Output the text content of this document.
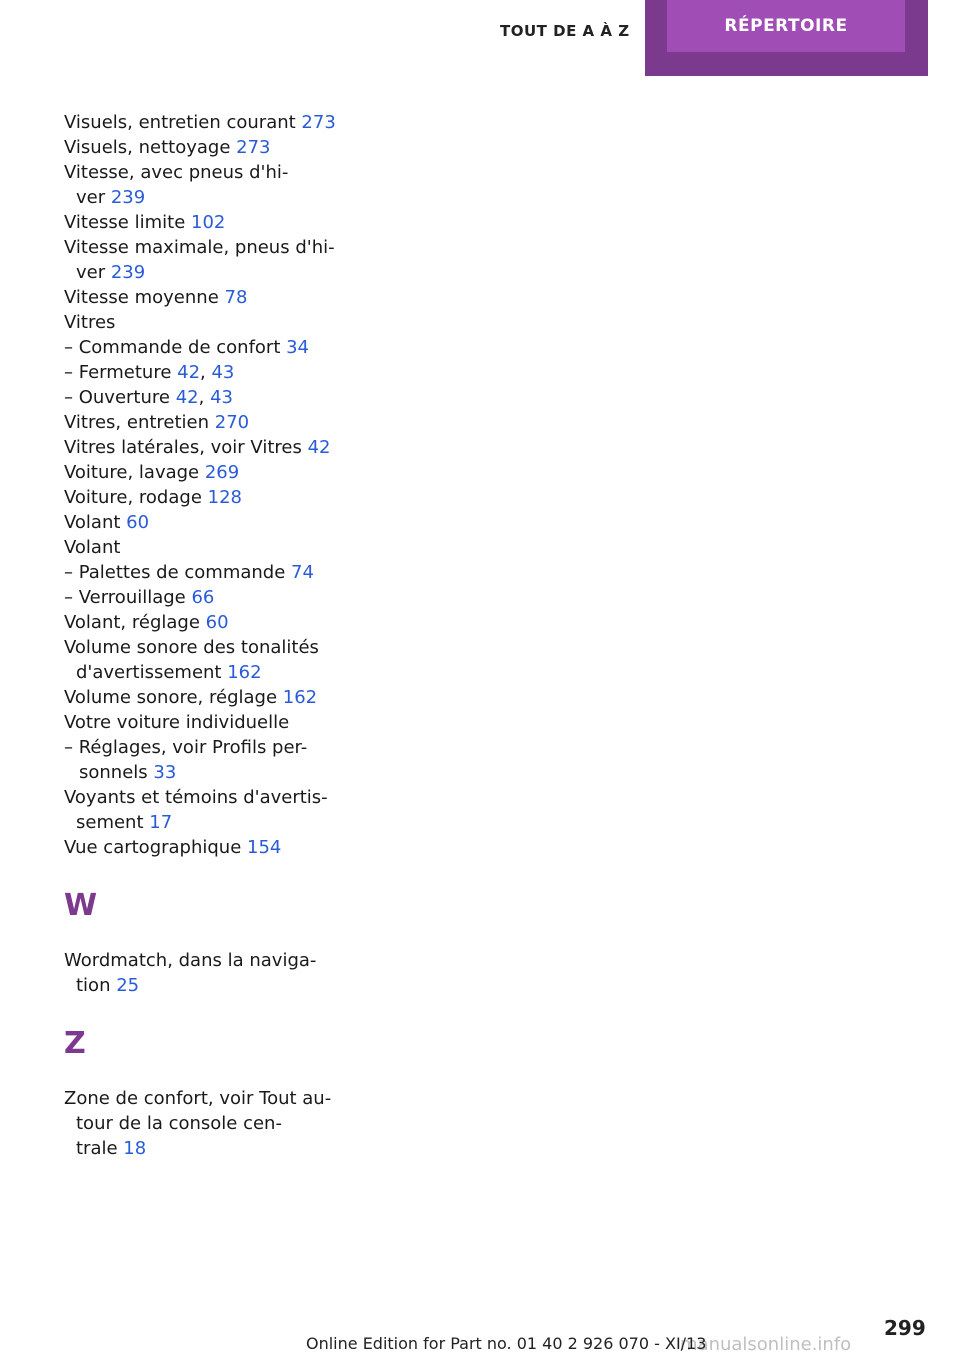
TOUT DE A À Z	RÉPERTOIRE
Visuels, entretien courant 273
Visuels, nettoyage 273
Vitesse, avec pneus d'hi-
ver 239
Vitesse limite 102
Vitesse maximale, pneus d'hi-
ver 239
Vitesse moyenne 78
Vitres
– Commande de confort 34
– Fermeture 42, 43
– Ouverture 42, 43
Vitres, entretien 270
Vitres latérales, voir Vitres 42
Voiture, lavage 269
Voiture, rodage 128
Volant 60
Volant
– Palettes de commande 74
– Verrouillage 66
Volant, réglage 60
Volume sonore des tonalités
d'avertissement 162
Volume sonore, réglage 162
Votre voiture individuelle
– Réglages, voir Profils per-
sonnels 33
Voyants et témoins d'avertis-
sement 17
Vue cartographique 154
W
Wordmatch, dans la naviga-
tion 25
Z
Zone de confort, voir Tout au-
tour de la console cen-
trale 18
manualsonline.info
Online Edition for Part no. 01 40 2 926 070 - XI/13
299
